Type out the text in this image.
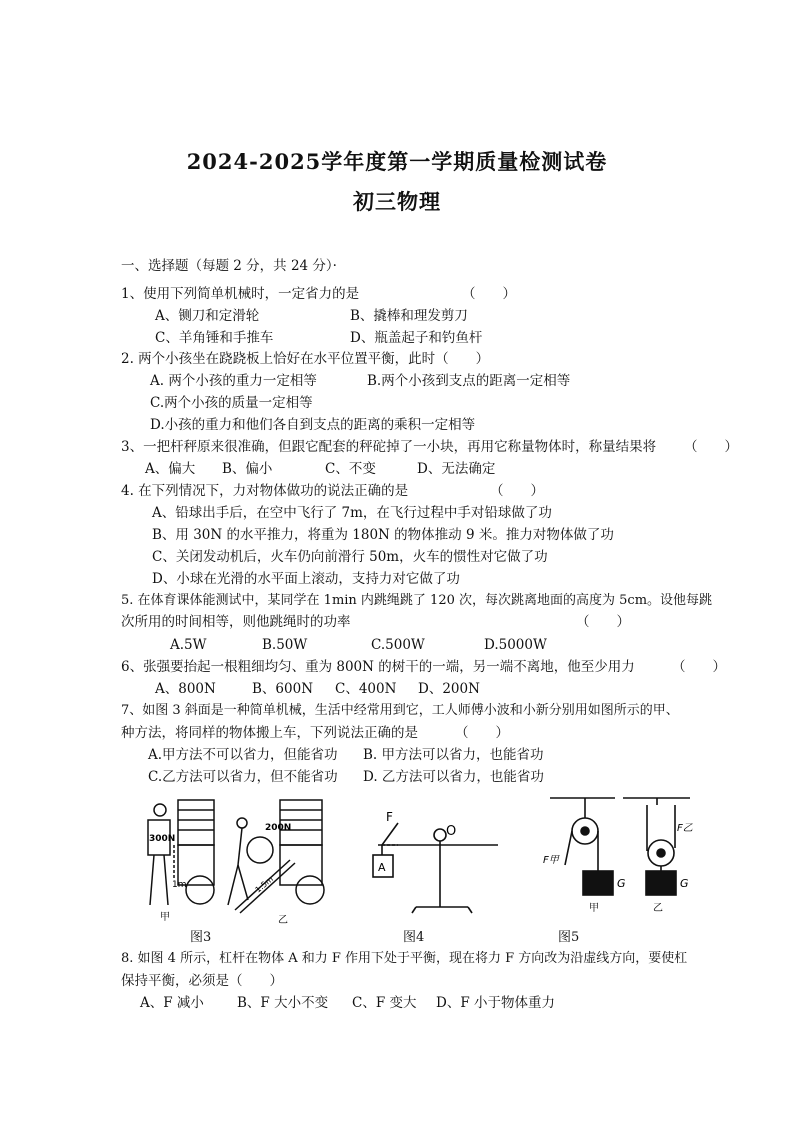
2024-2025学年度第一学期质量检测试卷
初三物理
一、选择题（每题 2 分，共 24 分）·
1、使用下列简单机械时，一定省力的是	（　　）
A、铡刀和定滑轮	B、撬棒和理发剪刀
C、羊角锤和手推车	D、瓶盖起子和钓鱼杆
2. 两个小孩坐在跷跷板上恰好在水平位置平衡，此时（　　）
A. 两个小孩的重力一定相等	B.两个小孩到支点的距离一定相等
C.两个小孩的质量一定相等
D.小孩的重力和他们各自到支点的距离的乘积一定相等
3、一把杆秤原来很准确，但跟它配套的秤砣掉了一小块，再用它称量物体时，称量结果将 （　　）
A、偏大 B、偏小	C、不变	D、无法确定
4. 在下列情况下，力对物体做功的说法正确的是	（　　）
A、铅球出手后，在空中飞行了 7m，在飞行过程中手对铅球做了功
B、用 30N 的水平推力，将重为 180N 的物体推动 9 米。推力对物体做了功
C、关闭发动机后，火车仍向前滑行 50m，火车的惯性对它做了功
D、小球在光滑的水平面上滚动，支持力对它做了功
5. 在体育课体能测试中，某同学在 1min 内跳绳跳了 120 次，每次跳离地面的高度为 5cm。设他每跳
次所用的时间相等，则他跳绳时的功率	（　　）
A.5W	B.50W	C.500W	D.5000W
6、张强要抬起一根粗细均匀、重为 800N 的树干的一端，另一端不离地，他至少用力	（　　）
A、800N	B、600N C、400N D、200N
7、如图 3 斜面是一种简单机械，生活中经常用到它，工人师傅小波和小新分别用如图所示的甲、
种方法，将同样的物体搬上车，下列说法正确的是	（　　）
A.甲方法不可以省力，但能省功 B. 甲方法可以省力，也能省功
C.乙方法可以省力，但不能省功 D. 乙方法可以省力，也能省功
300N
1m
甲
200N
1.5m
乙
图3
F
O
A
图4
F甲
F乙
G	G
甲	乙
图5
8. 如图 4 所示，杠杆在物体 A 和力 F 作用下处于平衡，现在将力 F 方向改为沿虚线方向，要使杠
保持平衡，必须是（　　）
A、F 减小 B、F 大小不变 C、F 变大 D、F 小于物体重力
